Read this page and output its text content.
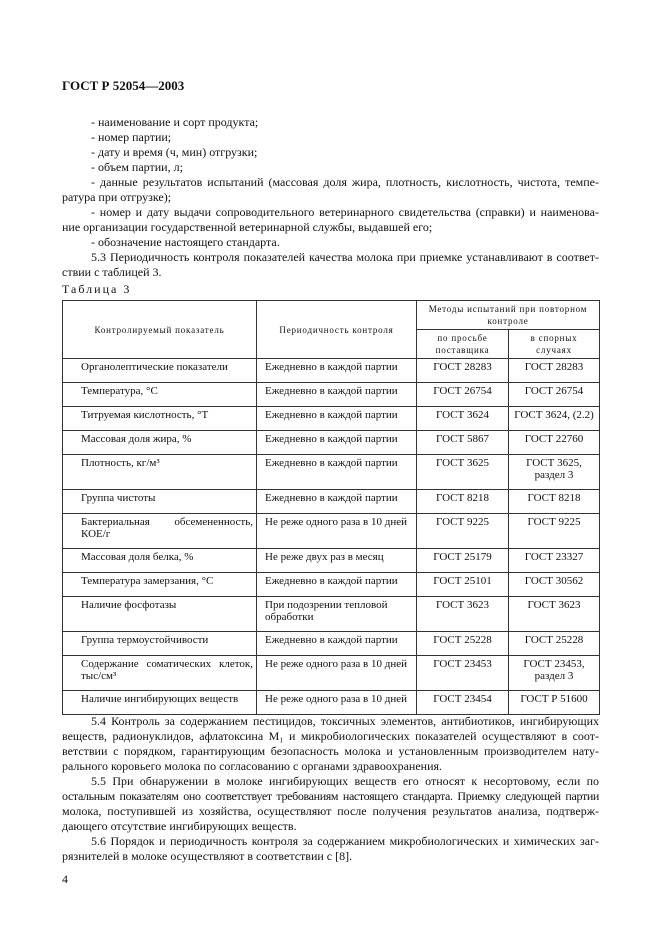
ГОСТ Р 52054—2003
- наименование и сорт продукта;
- номер партии;
- дату и время (ч, мин) отгрузки;
- объем партии, л;
- данные результатов испытаний (массовая доля жира, плотность, кислотность, чистота, темпе-
ратура при отгрузке);
- номер и дату выдачи сопроводительного ветеринарного свидетельства (справки) и наименова-
ние организации государственной ветеринарной службы, выдавшей его;
- обозначение настоящего стандарта.
5.3 Периодичность контроля показателей качества молока при приемке устанавливают в соответ-
ствии с таблицей 3.
Таблица 3
Контролируемый показатель	Периодичность контроля	Методы испытаний при повторном контроле	
		по просьбе поставщика	в спорных случаях
Органолептические показатели	Ежедневно в каждой партии	ГОСТ 28283	ГОСТ 28283
Температура, °С	Ежедневно в каждой партии	ГОСТ 26754	ГОСТ 26754
Титруемая кислотность, °Т	Ежедневно в каждой партии	ГОСТ 3624	ГОСТ 3624, (2.2)
Массовая доля жира, %	Ежедневно в каждой партии	ГОСТ 5867	ГОСТ 22760
Плотность, кг/м³	Ежедневно в каждой партии	ГОСТ 3625	ГОСТ 3625, раздел 3
Группа чистоты	Ежедневно в каждой партии	ГОСТ 8218	ГОСТ 8218
Бактериальная обсемененность, КОЕ/г	Не реже одного раза в 10 дней	ГОСТ 9225	ГОСТ 9225
Массовая доля белка, %	Не реже двух раз в месяц	ГОСТ 25179	ГОСТ 23327
Температура замерзания, °С	Ежедневно в каждой партии	ГОСТ 25101	ГОСТ 30562
Наличие фосфотазы	При подозрении тепловой обработки	ГОСТ 3623	ГОСТ 3623
Группа термоустойчивости	Ежедневно в каждой партии	ГОСТ 25228	ГОСТ 25228
Содержание соматических клеток, тыс/см³	Не реже одного раза в 10 дней	ГОСТ 23453	ГОСТ 23453, раздел 3
Наличие ингибирующих веществ	Не реже одного раза в 10 дней	ГОСТ 23454	ГОСТ Р 51600
5.4 Контроль за содержанием пестицидов, токсичных элементов, антибиотиков, ингибирующих
веществ, радионуклидов, афлатоксина M₁ и микробиологических показателей осуществляют в соот-
ветствии с порядком, гарантирующим безопасность молока и установленным производителем нату-
рального коровьего молока по согласованию с органами здравоохранения.
5.5 При обнаружении в молоке ингибирующих веществ его относят к несортовому, если по
остальным показателям оно соответствует требованиям настоящего стандарта. Приемку следующей партии
молока, поступившей из хозяйства, осуществляют после получения результатов анализа, подтверж-
дающего отсутствие ингибирующих веществ.
5.6 Порядок и периодичность контроля за содержанием микробиологических и химических заг-
рязнителей в молоке осуществляют в соответствии с [8].
4
